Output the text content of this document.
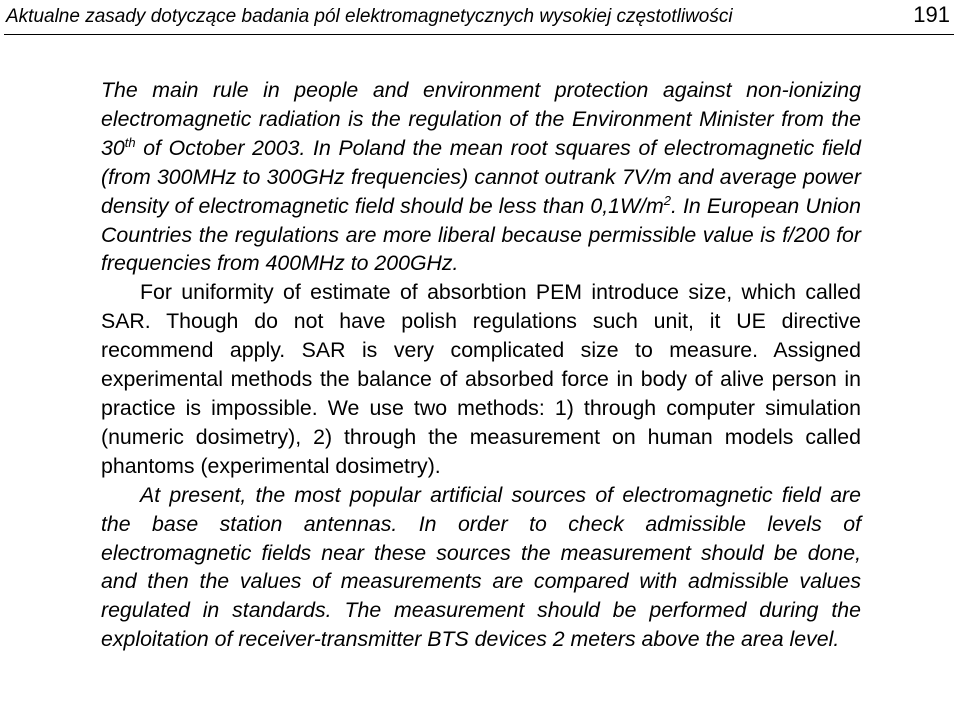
Aktualne zasady dotyczące badania pól elektromagnetycznych wysokiej częstotliwości	191

The main rule in people and environment protection against non-ionizing electromagnetic radiation is the regulation of the Environment Minister from the 30th of October 2003. In Poland the mean root squares of electromagnetic field (from 300MHz to 300GHz frequencies) cannot outrank 7V/m and average power density of electromagnetic field should be less than $0,1W/m^2$. In European Union Countries the regulations are more liberal because permissible value is f/200 for frequencies from 400MHz to 200GHz.

For uniformity of estimate of absorbtion PEM introduce size, which called SAR. Though do not have polish regulations such unit, it UE directive recommend apply. SAR is very complicated size to measure. Assigned experimental methods the balance of absorbed force in body of alive person in practice is impossible. We use two methods: 1) through computer simulation (numeric dosimetry), 2) through the measurement on human models called phantoms (experimental dosimetry).

At present, the most popular artificial sources of electromagnetic field are the base station antennas. In order to check admissible levels of electromagnetic fields near these sources the measurement should be done, and then the values of measurements are compared with admissible values regulated in standards. The measurement should be performed during the exploitation of receiver-transmitter BTS devices 2 meters above the area level.
